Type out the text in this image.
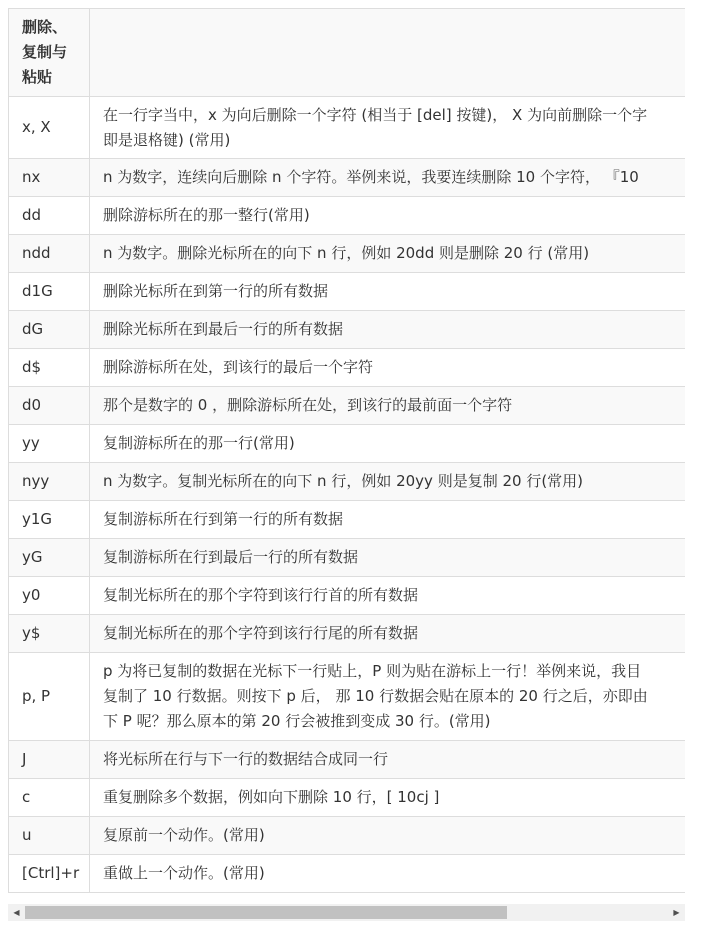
删除、复制与粘贴	
x, X	在一行字当中，x 为向后删除一个字符 (相当于 [del] 按键)， X 为向前删除一个字
即是退格键) (常用)

nx	n 为数字，连续向后删除 n 个字符。举例来说，我要连续删除 10 个字符， 『10

dd	删除游标所在的那一整行(常用)

ndd	n 为数字。删除光标所在的向下 n 行，例如 20dd 则是删除 20 行 (常用)

d1G	删除光标所在到第一行的所有数据

dG	删除光标所在到最后一行的所有数据

d$	删除游标所在处，到该行的最后一个字符

d0	那个是数字的 0 ，删除游标所在处，到该行的最前面一个字符

yy	复制游标所在的那一行(常用)

nyy	n 为数字。复制光标所在的向下 n 行，例如 20yy 则是复制 20 行(常用)

y1G	复制游标所在行到第一行的所有数据

yG	复制游标所在行到最后一行的所有数据

y0	复制光标所在的那个字符到该行行首的所有数据

y$	复制光标所在的那个字符到该行行尾的所有数据

p, P	p 为将已复制的数据在光标下一行贴上，P 则为贴在游标上一行！举例来说，我目
复制了 10 行数据。则按下 p 后， 那 10 行数据会贴在原本的 20 行之后，亦即由
下 P 呢？那么原本的第 20 行会被推到变成 30 行。(常用)

J	将光标所在行与下一行的数据结合成同一行

c	重复删除多个数据，例如向下删除 10 行，[ 10cj ]

u	复原前一个动作。(常用)

[Ctrl]+r	重做上一个动作。(常用)
◀	▶
